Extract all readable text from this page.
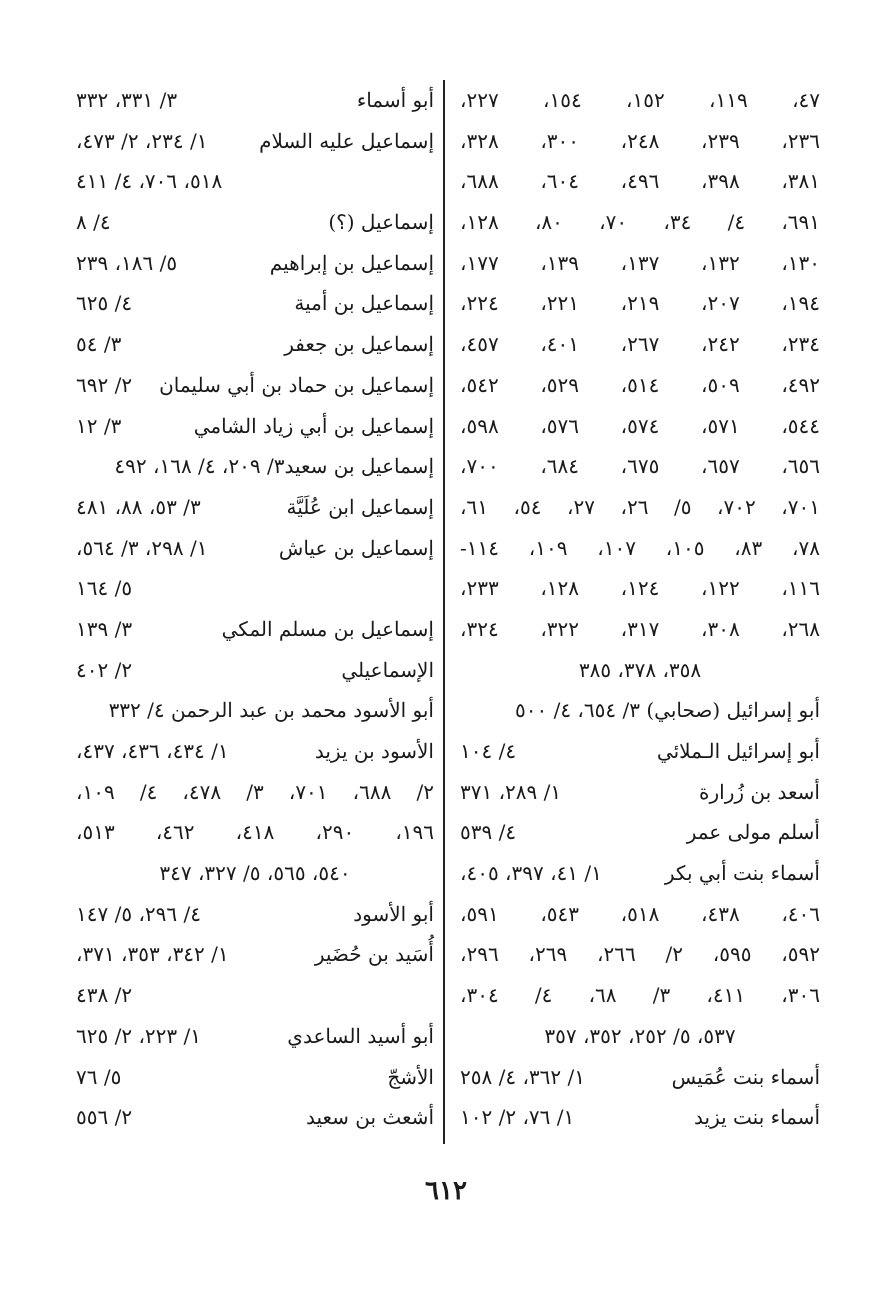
٤٧، ١١٩، ١٥٢، ١٥٤، ٢٢٧،
٢٣٦، ٢٣٩، ٢٤٨، ٣٠٠، ٣٢٨،
٣٨١، ٣٩٨، ٤٩٦، ٦٠٤، ٦٨٨،
٦٩١، ٤/ ٣٤، ٧٠، ٨٠، ١٢٨،
١٣٠، ١٣٢، ١٣٧، ١٣٩، ١٧٧،
١٩٤، ٢٠٧، ٢١٩، ٢٢١، ٢٢٤،
٢٣٤، ٢٤٢، ٢٦٧، ٤٠١، ٤٥٧،
٤٩٢، ٥٠٩، ٥١٤، ٥٢٩، ٥٤٢،
٥٤٤، ٥٧١، ٥٧٤، ٥٧٦، ٥٩٨،
٦٥٦، ٦٥٧، ٦٧٥، ٦٨٤، ٧٠٠،
٧٠١، ٧٠٢، ٥/ ٢٦، ٢٧، ٥٤، ٦١،
٧٨، ٨٣، ١٠٥، ١٠٧، ١٠٩، ١١٤-
١١٦، ١٢٢، ١٢٤، ١٢٨، ٢٣٣،
٢٦٨، ٣٠٨، ٣١٧، ٣٢٢، ٣٢٤،
٣٥٨، ٣٧٨، ٣٨٥
أبو إسرائيل (صحابي) ٣/ ٦٥٤، ٤/ ٥٠٠
أبو إسرائيل الـملائي
٤/ ١٠٤
أسعد بن زُرارة
١/ ٢٨٩، ٣٧١
أسلم مولى عمر
٤/ ٥٣٩
أسماء بنت أبي بكر
١/ ٤١، ٣٩٧، ٤٠٥،
٤٠٦، ٤٣٨، ٥١٨، ٥٤٣، ٥٩١،
٥٩٢، ٥٩٥، ٢/ ٢٦٦، ٢٦٩، ٢٩٦،
٣٠٦، ٤١١، ٣/ ٦٨، ٤/ ٣٠٤،
٥٣٧، ٥/ ٢٥٢، ٣٥٢، ٣٥٧
أسماء بنت عُمَيس
١/ ٣٦٢، ٤/ ٢٥٨
أسماء بنت يزيد
١/ ٧٦، ٢/ ١٠٢
أبو أسماء
٣/ ٣٣١، ٣٣٢
إسماعيل عليه السلام
١/ ٢٣٤، ٢/ ٤٧٣،
٥١٨، ٧٠٦، ٤/ ٤١١
إسماعيل (؟)
٤/ ٨
إسماعيل بن إبراهيم
٥/ ١٨٦، ٢٣٩
إسماعيل بن أمية
٤/ ٦٢٥
إسماعيل بن جعفر
٣/ ٥٤
إسماعيل بن حماد بن أبي سليمان
٢/ ٦٩٢
إسماعيل بن أبي زياد الشامي
٣/ ١٢
إسماعيل بن سعيد٣/ ٢٠٩، ٤/ ١٦٨، ٤٩٢
إسماعيل ابن عُلَيَّة
٣/ ٥٣، ٨٨، ٤٨١
إسماعيل بن عياش
١/ ٢٩٨، ٣/ ٥٦٤،
٥/ ١٦٤
إسماعيل بن مسلم المكي
٣/ ١٣٩
الإسماعيلي
٢/ ٤٠٢
أبو الأسود محمد بن عبد الرحمن ٤/ ٣٣٢
الأسود بن يزيد
١/ ٤٣٤، ٤٣٦، ٤٣٧،
٢/ ٦٨٨، ٧٠١، ٣/ ٤٧٨، ٤/ ١٠٩،
١٩٦، ٢٩٠، ٤١٨، ٤٦٢، ٥١٣،
٥٤٠، ٥٦٥، ٥/ ٣٢٧، ٣٤٧
أبو الأسود
٤/ ٢٩٦، ٥/ ١٤٧
أُسَيد بن حُضَير
١/ ٣٤٢، ٣٥٣، ٣٧١،
٢/ ٤٣٨
أبو أسيد الساعدي
١/ ٢٢٣، ٢/ ٦٢٥
الأشجّ
٥/ ٧٦
أشعث بن سعيد
٢/ ٥٥٦
٦١٢
